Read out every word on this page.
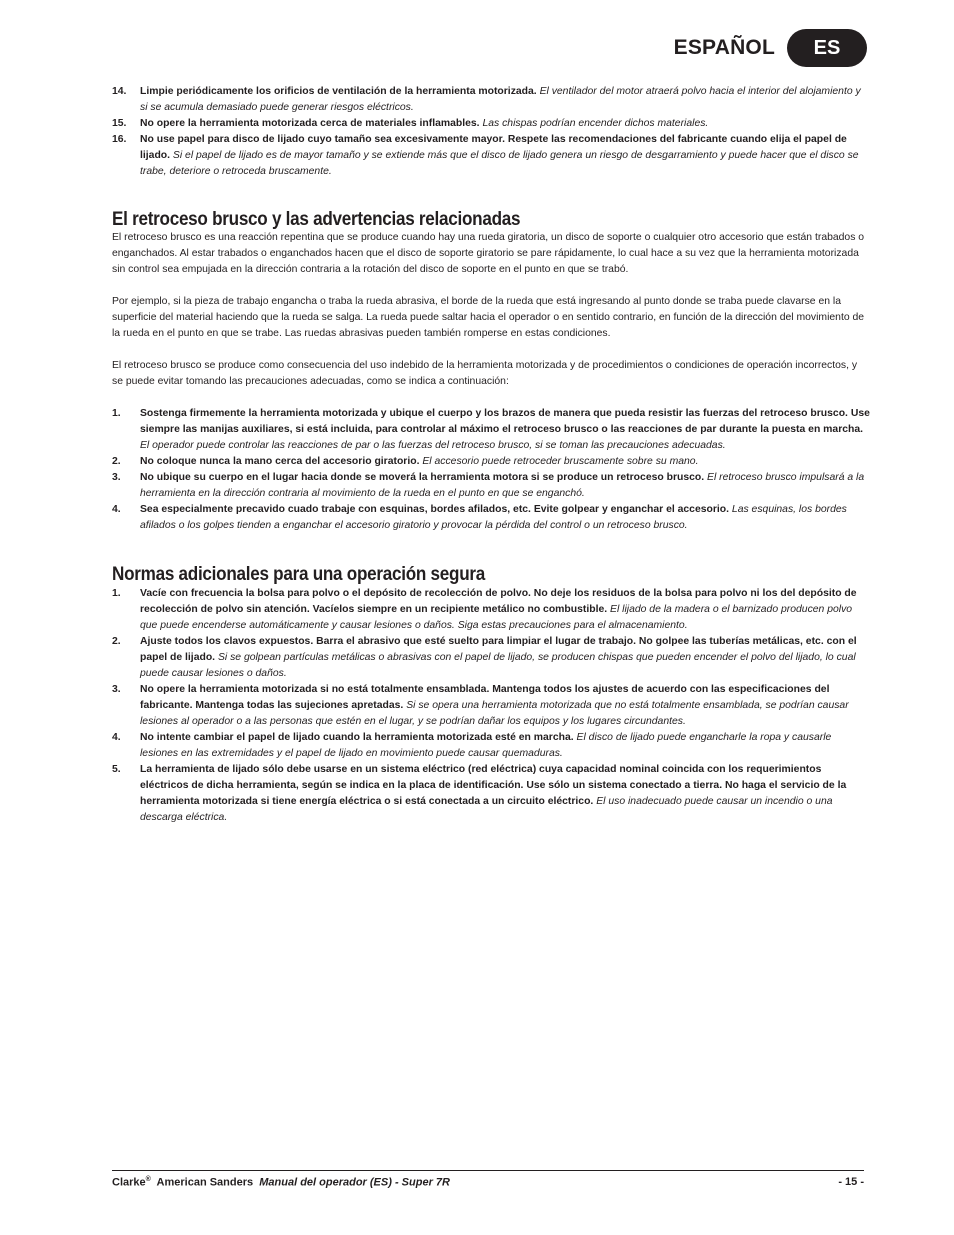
ESPAÑOL	ES
14. Limpie periódicamente los orificios de ventilación de la herramienta motorizada. El ventilador del motor atraerá polvo hacia el interior del alojamiento y si se acumula demasiado puede generar riesgos eléctricos.
15. No opere la herramienta motorizada cerca de materiales inflamables. Las chispas podrían encender dichos materiales.
16. No use papel para disco de lijado cuyo tamaño sea excesivamente mayor. Respete las recomendaciones del fabricante cuando elija el papel de lijado. Si el papel de lijado es de mayor tamaño y se extiende más que el disco de lijado genera un riesgo de desgarramiento y puede hacer que el disco se trabe, deteriore o retroceda bruscamente.
El retroceso brusco y las advertencias relacionadas

El retroceso brusco es una reacción repentina que se produce cuando hay una rueda giratoria, un disco de soporte o cualquier otro accesorio que están trabados o enganchados. Al estar trabados o enganchados hacen que el disco de soporte giratorio se pare rápidamente, lo cual hace a su vez que la herramienta motorizada sin control sea empujada en la dirección contraria a la rotación del disco de soporte en el punto en que se trabó.

Por ejemplo, si la pieza de trabajo engancha o traba la rueda abrasiva, el borde de la rueda que está ingresando al punto donde se traba puede clavarse en la superficie del material haciendo que la rueda se salga. La rueda puede saltar hacia el operador o en sentido contrario, en función de la dirección del movimiento de la rueda en el punto en que se trabe. Las ruedas abrasivas pueden también romperse en estas condiciones.

El retroceso brusco se produce como consecuencia del uso indebido de la herramienta motorizada y de procedimientos o condiciones de operación incorrectos, y se puede evitar tomando las precauciones adecuadas, como se indica a continuación:

1. Sostenga firmemente la herramienta motorizada y ubique el cuerpo y los brazos de manera que pueda resistir las fuerzas del retroceso brusco. Use siempre las manijas auxiliares, si está incluida, para controlar al máximo el retroceso brusco o las reacciones de par durante la puesta en marcha. El operador puede controlar las reacciones de par o las fuerzas del retroceso brusco, si se toman las precauciones adecuadas.
2. No coloque nunca la mano cerca del accesorio giratorio. El accesorio puede retroceder bruscamente sobre su mano.
3. No ubique su cuerpo en el lugar hacia donde se moverá la herramienta motora si se produce un retroceso brusco. El retroceso brusco impulsará a la herramienta en la dirección contraria al movimiento de la rueda en el punto en que se enganchó.
4. Sea especialmente precavido cuado trabaje con esquinas, bordes afilados, etc. Evite golpear y enganchar el accesorio. Las esquinas, los bordes afilados o los golpes tienden a enganchar el accesorio giratorio y provocar la pérdida del control o un retroceso brusco.
Normas adicionales para una operación segura
1. Vacíe con frecuencia la bolsa para polvo o el depósito de recolección de polvo. No deje los residuos de la bolsa para polvo ni los del depósito de recolección de polvo sin atención. Vacíelos siempre en un recipiente metálico no combustible. El lijado de la madera o el barnizado producen polvo que puede encenderse automáticamente y causar lesiones o daños. Siga estas precauciones para el almacenamiento.
2. Ajuste todos los clavos expuestos. Barra el abrasivo que esté suelto para limpiar el lugar de trabajo. No golpee las tuberías metálicas, etc. con el papel de lijado. Si se golpean partículas metálicas o abrasivas con el papel de lijado, se producen chispas que pueden encender el polvo del lijado, lo cual puede causar lesiones o daños.
3. No opere la herramienta motorizada si no está totalmente ensamblada. Mantenga todos los ajustes de acuerdo con las especificaciones del fabricante. Mantenga todas las sujeciones apretadas. Si se opera una herramienta motorizada que no está totalmente ensamblada, se podrían causar lesiones al operador o a las personas que estén en el lugar, y se podrían dañar los equipos y los lugares circundantes.
4. No intente cambiar el papel de lijado cuando la herramienta motorizada esté en marcha. El disco de lijado puede engancharle la ropa y causarle lesiones en las extremidades y el papel de lijado en movimiento puede causar quemaduras.
5. La herramienta de lijado sólo debe usarse en un sistema eléctrico (red eléctrica) cuya capacidad nominal coincida con los requerimientos eléctricos de dicha herramienta, según se indica en la placa de identificación. Use sólo un sistema conectado a tierra. No haga el servicio de la herramienta motorizada si tiene energía eléctrica o si está conectada a un circuito eléctrico. El uso inadecuado puede causar un incendio o una descarga eléctrica.
Clarke® American Sanders Manual del operador (ES) - Super 7R	- 15 -
